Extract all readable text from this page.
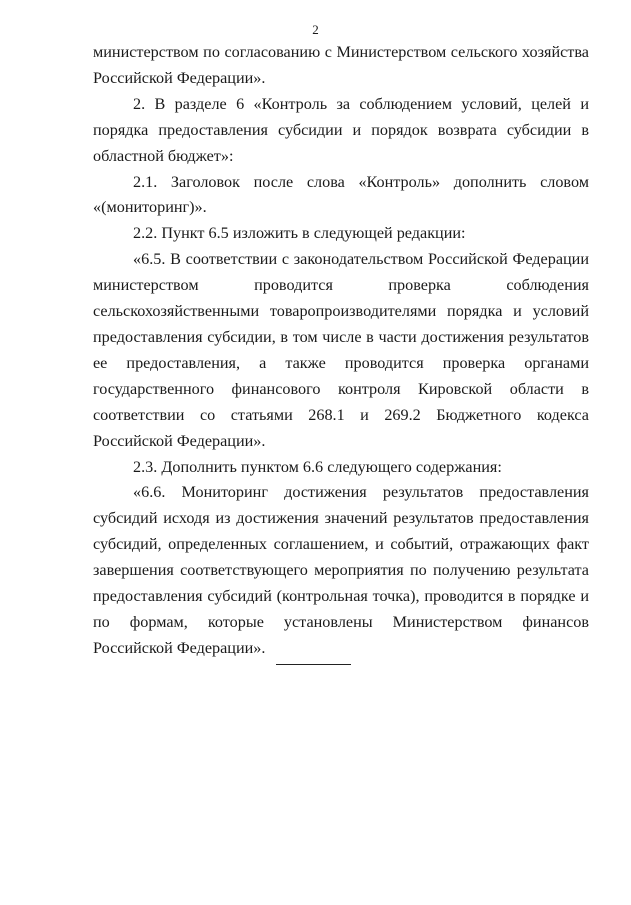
2

министерством по согласованию с Министерством сельского хозяйства Российской Федерации».

2. В разделе 6 «Контроль за соблюдением условий, целей и порядка предоставления субсидии и порядок возврата субсидии в областной бюджет»:

2.1. Заголовок после слова «Контроль» дополнить словом «(мониторинг)».

2.2. Пункт 6.5 изложить в следующей редакции:

«6.5. В соответствии с законодательством Российской Федерации министерством проводится проверка соблюдения сельскохозяйственными товаропроизводителями порядка и условий предоставления субсидии, в том числе в части достижения результатов ее предоставления, а также проводится проверка органами государственного финансового контроля Кировской области в соответствии со статьями 268.1 и 269.2 Бюджетного кодекса Российской Федерации».

2.3. Дополнить пунктом 6.6 следующего содержания:

«6.6. Мониторинг достижения результатов предоставления субсидий исходя из достижения значений результатов предоставления субсидий, определенных соглашением, и событий, отражающих факт завершения соответствующего мероприятия по получению результата предоставления субсидий (контрольная точка), проводится в порядке и по формам, которые установлены Министерством финансов Российской Федерации».
